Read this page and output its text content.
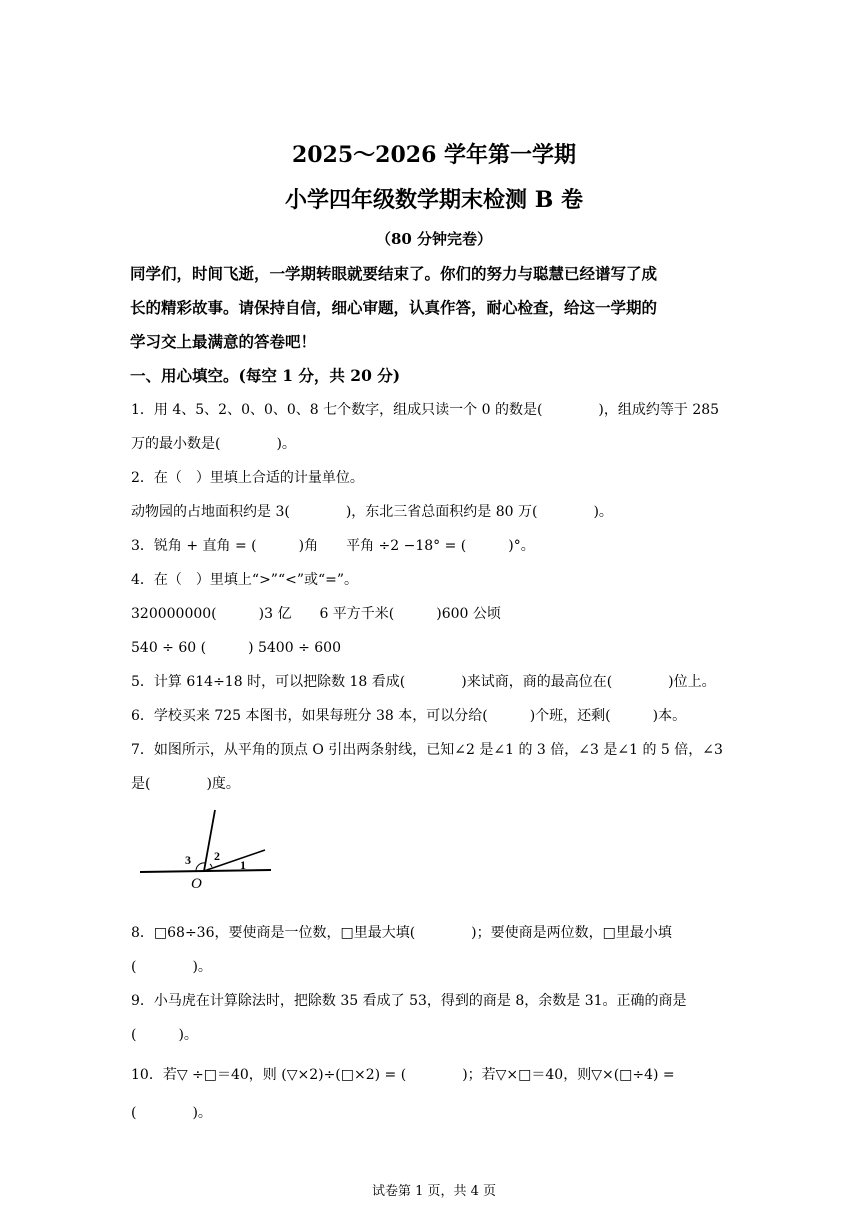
2025～2026 学年第一学期
小学四年级数学期末检测 B 卷
（80 分钟完卷）
同学们，时间飞逝，一学期转眼就要结束了。你们的努力与聪慧已经谱写了成
长的精彩故事。请保持自信，细心审题，认真作答，耐心检查，给这一学期的
学习交上最满意的答卷吧！
一、用心填空。(每空 1 分，共 20 分)
1．用 4、5、2、0、0、0、8 七个数字，组成只读一个 0 的数是(　　　　)，组成约等于 285
万的最小数是(　　　　)。
2．在（　）里填上合适的计量单位。
动物园的占地面积约是 3(　　　　)，东北三省总面积约是 80 万(　　　　)。
3．锐角 + 直角 = (　　　)角　　平角 ÷2 −18° = (　　　)°。
4．在（　）里填上“>”“<”或“=”。
320000000(　　　)3 亿　　6 平方千米(　　　)600 公顷
540 ÷ 60 (　　　) 5400 ÷ 600
5．计算 614÷18 时，可以把除数 18 看成(　　　　)来试商，商的最高位在(　　　　)位上。
6．学校买来 725 本图书，如果每班分 38 本，可以分给(　　　)个班，还剩(　　　)本。
7．如图所示，从平角的顶点 O 引出两条射线，已知∠2 是∠1 的 3 倍，∠3 是∠1 的 5 倍，∠3
是(　　　　)度。
3 2
1
O
8．□68÷36，要使商是一位数，□里最大填(　　　　)；要使商是两位数，□里最小填
(　　　　)。
9．小马虎在计算除法时，把除数 35 看成了 53，得到的商是 8，余数是 31。正确的商是
(　　　)。
10．若▽ ÷□＝40，则 (▽×2)÷(□×2) = (　　　　)；若▽×□＝40，则▽×(□÷4) =
(　　　　)。
试卷第 1 页，共 4 页
